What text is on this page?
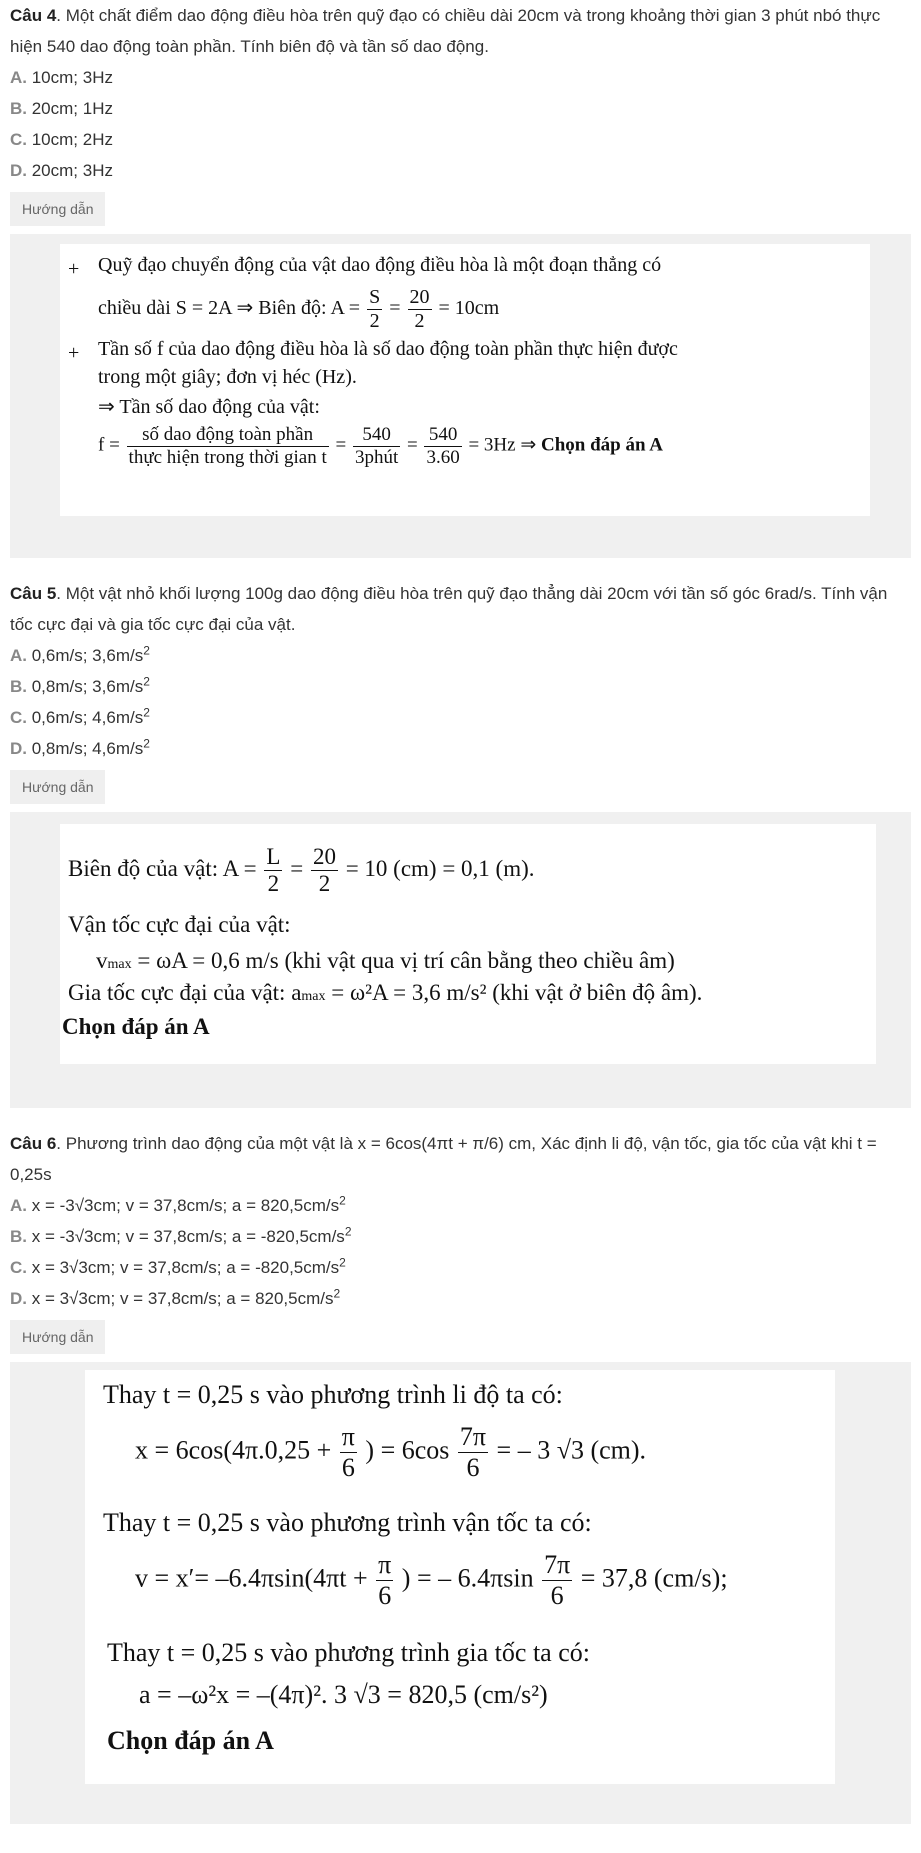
Câu 4. Một chất điểm dao động điều hòa trên quỹ đạo có chiều dài 20cm và trong khoảng thời gian 3 phút nbó thực hiện 540 dao động toàn phần. Tính biên độ và tần số dao động.
A. 10cm; 3Hz
B. 20cm; 1Hz
C. 10cm; 2Hz
D. 20cm; 3Hz
Hướng dẫn
+ Quỹ đạo chuyển động của vật dao động điều hòa là một đoạn thẳng có
chiều dài S = 2A ⇒ Biên độ: $A = \frac{S}{2} = \frac{20}{2} = 10cm$
+ Tần số f của dao động điều hòa là số dao động toàn phần thực hiện được
trong một giây; đơn vị héc (Hz).
⇒ Tần số dao động của vật:
$f = \frac{\text{số dao động toàn phần}}{\text{thực hiện trong thời gian t}} = \frac{540}{\text{3phút}} = \frac{540}{3.60} = 3Hz$ ⇒ Chọn đáp án A
Câu 5. Một vật nhỏ khối lượng 100g dao động điều hòa trên quỹ đạo thẳng dài 20cm với tần số góc 6rad/s. Tính vận tốc cực đại và gia tốc cực đại của vật.
A. 0,6m/s; $3,6m/s^2$
B. 0,8m/s; $3,6m/s^2$
C. 0,6m/s; $4,6m/s^2$
D. 0,8m/s; $4,6m/s^2$
Hướng dẫn
Biên độ của vật: $A = \frac{L}{2} = \frac{20}{2} = 10$ (cm) = 0,1 (m).
Vận tốc cực đại của vật:
vmax = ωA = 0,6 m/s (khi vật qua vị trí cân bằng theo chiều âm)
Gia tốc cực đại của vật: amax = ω²A = 3,6 m/s² (khi vật ở biên độ âm).
Chọn đáp án A
Câu 6. Phương trình dao động của một vật là x = 6cos(4πt + π/6) cm, Xác định li độ, vận tốc, gia tốc của vật khi t = 0,25s
A. x = -3√3cm; v = 37,8cm/s; $a = 820,5cm/s^2$
B. x = -3√3cm; v = 37,8cm/s; $a = -820,5cm/s^2$
C. x = 3√3cm; v = 37,8cm/s; $a = -820,5cm/s^2$
D. x = 3√3cm; v = 37,8cm/s; $a = 820,5cm/s^2$
Hướng dẫn
Thay t = 0,25 s vào phương trình li độ ta có:
$x = 6\cos(4\pi.0,25 + \frac{\pi}{6}$ ) = $6\cos \frac{7\pi}{6}$ = – 3 √3 (cm).
Thay t = 0,25 s vào phương trình vận tốc ta có:
$v = x'= -6.4\pi\sin(4\pi t + \frac{\pi}{6}$ ) = – $6.4\pi\sin \frac{7\pi}{6} = 37,8$ (cm/s);
Thay t = 0,25 s vào phương trình gia tốc ta có:
a = –ω²x = –(4π)². 3 √3 = 820,5 (cm/s²)
Chọn đáp án A
